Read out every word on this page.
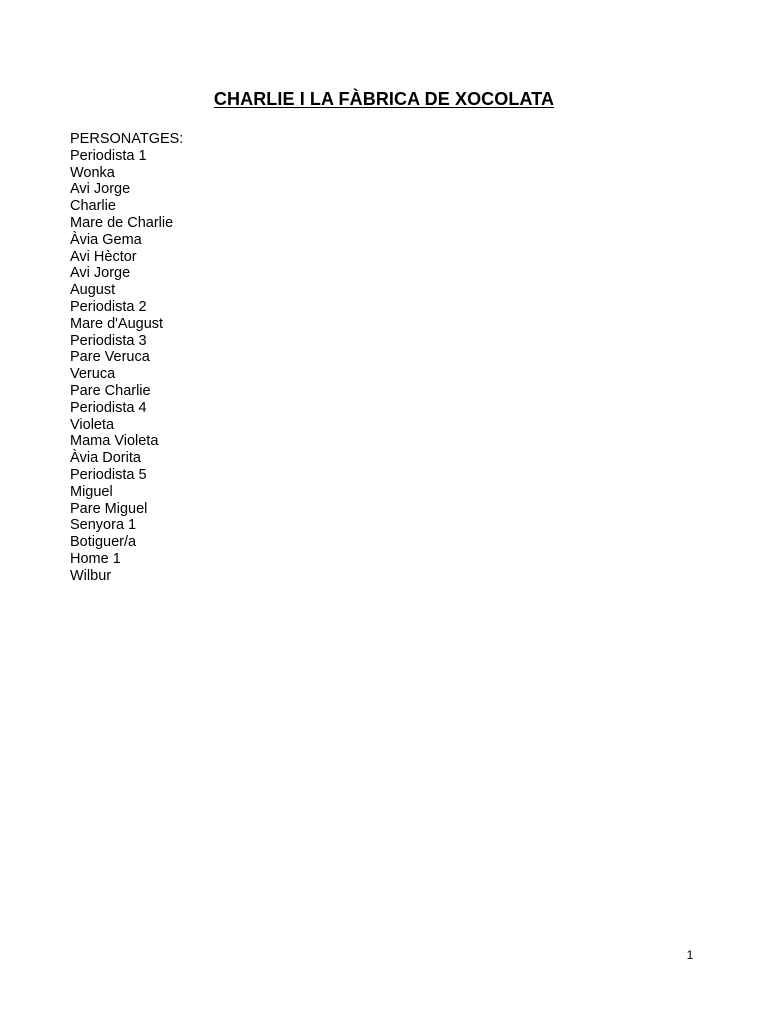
CHARLIE I LA FÀBRICA DE XOCOLATA
PERSONATGES:
Periodista 1
Wonka
Avi Jorge
Charlie
Mare de Charlie
Àvia Gema
Avi Hèctor
Avi Jorge
August
Periodista 2
Mare d'August
Periodista 3
Pare Veruca
Veruca
Pare Charlie
Periodista 4
Violeta
Mama Violeta
Àvia Dorita
Periodista 5
Miguel
Pare Miguel
Senyora 1
Botiguer/a
Home 1
Wilbur
1
